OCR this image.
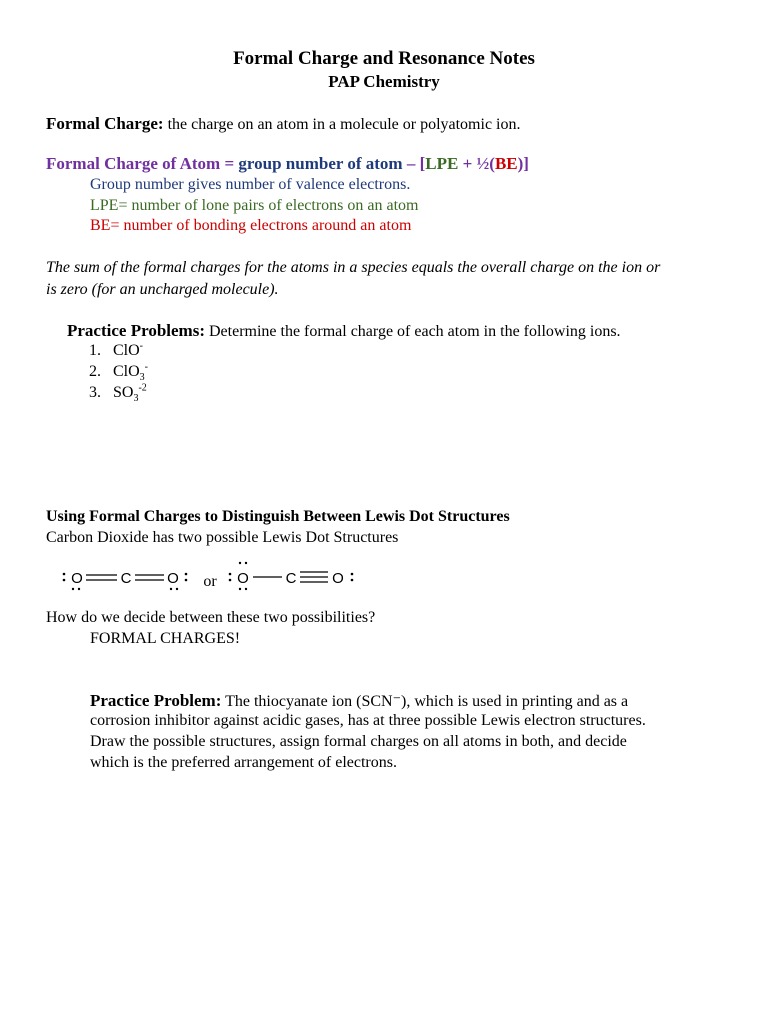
Formal Charge and Resonance Notes
PAP Chemistry
Formal Charge: the charge on an atom in a molecule or polyatomic ion.
Formal Charge of Atom = group number of atom – [LPE + ½(BE)]
Group number gives number of valence electrons.
LPE= number of lone pairs of electrons on an atom
BE= number of bonding electrons around an atom
The sum of the formal charges for the atoms in a species equals the overall charge on the ion or
is zero (for an uncharged molecule).
Practice Problems: Determine the formal charge of each atom in the following ions.
1. ClO-
2. ClO$_3$-
3. $SO_3^{-2}$
Using Formal Charges to Distinguish Between Lewis Dot Structures
Carbon Dioxide has two possible Lewis Dot Structures
O	C O or O C O
How do we decide between these two possibilities?
FORMAL CHARGES!
Practice Problem: The thiocyanate ion (SCN⁻), which is used in printing and as a
corrosion inhibitor against acidic gases, has at three possible Lewis electron structures.
Draw the possible structures, assign formal charges on all atoms in both, and decide
which is the preferred arrangement of electrons.
